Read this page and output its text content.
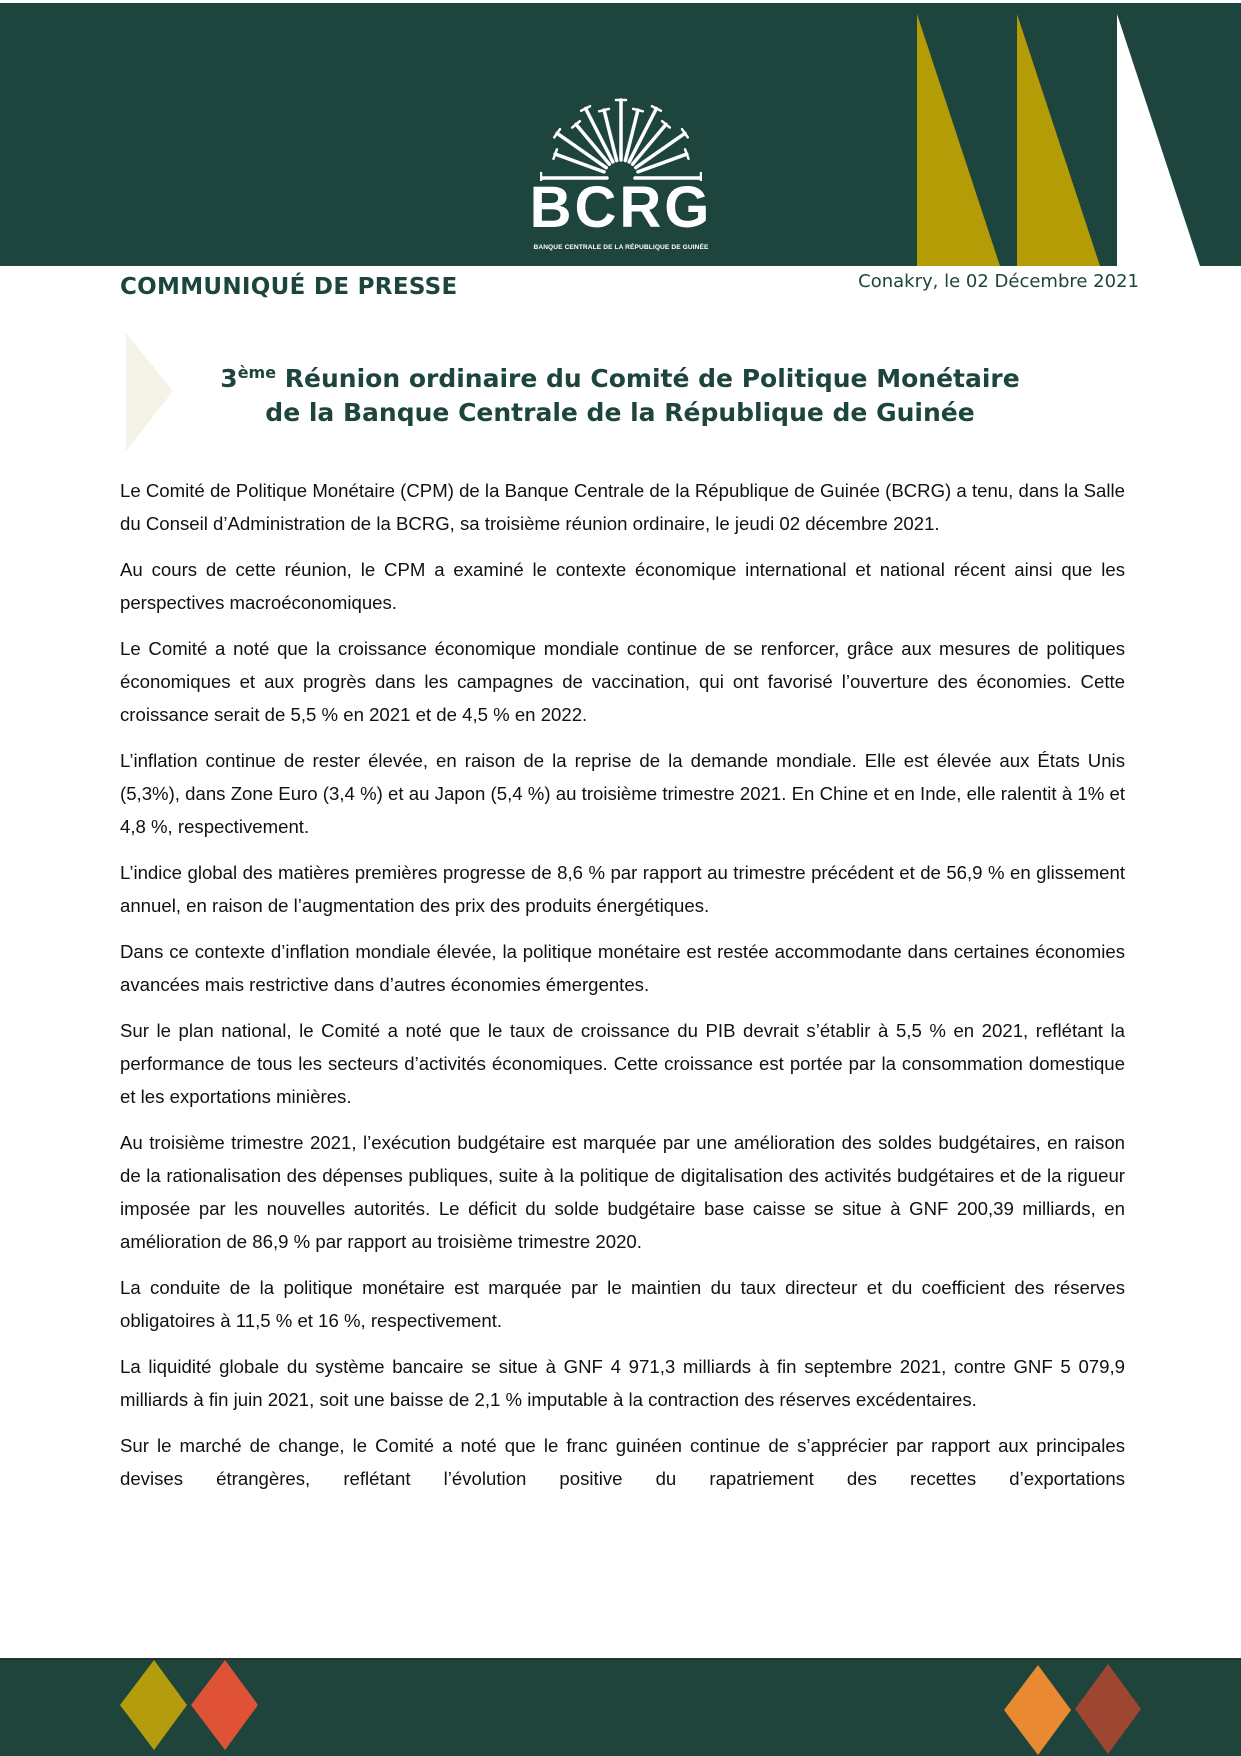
BCRG
BANQUE CENTRALE DE LA RÉPUBLIQUE DE GUINÉE
COMMUNIQUÉ DE PRESSE	Conakry, le 02 Décembre 2021
3ème Réunion ordinaire du Comité de Politique Monétaire
de la Banque Centrale de la République de Guinée

Le Comité de Politique Monétaire (CPM) de la Banque Centrale de la République de Guinée (BCRG) a tenu, dans la Salle du Conseil d’Administration de la BCRG, sa troisième réunion ordinaire, le jeudi 02 décembre 2021.

Au cours de cette réunion, le CPM a examiné le contexte économique international et national récent ainsi que les perspectives macroéconomiques.

Le Comité a noté que la croissance économique mondiale continue de se renforcer, grâce aux mesures de politiques économiques et aux progrès dans les campagnes de vaccination, qui ont favorisé l’ouverture des économies. Cette croissance serait de 5,5 % en 2021 et de 4,5 % en 2022.

L’inflation continue de rester élevée, en raison de la reprise de la demande mondiale. Elle est élevée aux États Unis (5,3%), dans Zone Euro (3,4 %) et au Japon (5,4 %) au troisième trimestre 2021. En Chine et en Inde, elle ralentit à 1% et 4,8 %, respectivement.

L’indice global des matières premières progresse de 8,6 % par rapport au trimestre précédent et de 56,9 % en glissement annuel, en raison de l’augmentation des prix des produits énergétiques.

Dans ce contexte d’inflation mondiale élevée, la politique monétaire est restée accommodante dans certaines économies avancées mais restrictive dans d’autres économies émergentes.

Sur le plan national, le Comité a noté que le taux de croissance du PIB devrait s’établir à 5,5 % en 2021, reflétant la performance de tous les secteurs d’activités économiques. Cette croissance est portée par la consommation domestique et les exportations minières.

Au troisième trimestre 2021, l’exécution budgétaire est marquée par une amélioration des soldes budgétaires, en raison de la rationalisation des dépenses publiques, suite à la politique de digitalisation des activités budgétaires et de la rigueur imposée par les nouvelles autorités. Le déficit du solde budgétaire base caisse se situe à GNF 200,39 milliards, en amélioration de 86,9 % par rapport au troisième trimestre 2020.

La conduite de la politique monétaire est marquée par le maintien du taux directeur et du coefficient des réserves obligatoires à 11,5 % et 16 %, respectivement.

La liquidité globale du système bancaire se situe à GNF 4 971,3 milliards à fin septembre 2021, contre GNF 5 079,9 milliards à fin juin 2021, soit une baisse de 2,1 % imputable à la contraction des réserves excédentaires.

Sur le marché de change, le Comité a noté que le franc guinéen continue de s’apprécier par rapport aux principales devises étrangères, reflétant l’évolution positive du rapatriement des recettes d’exportations
